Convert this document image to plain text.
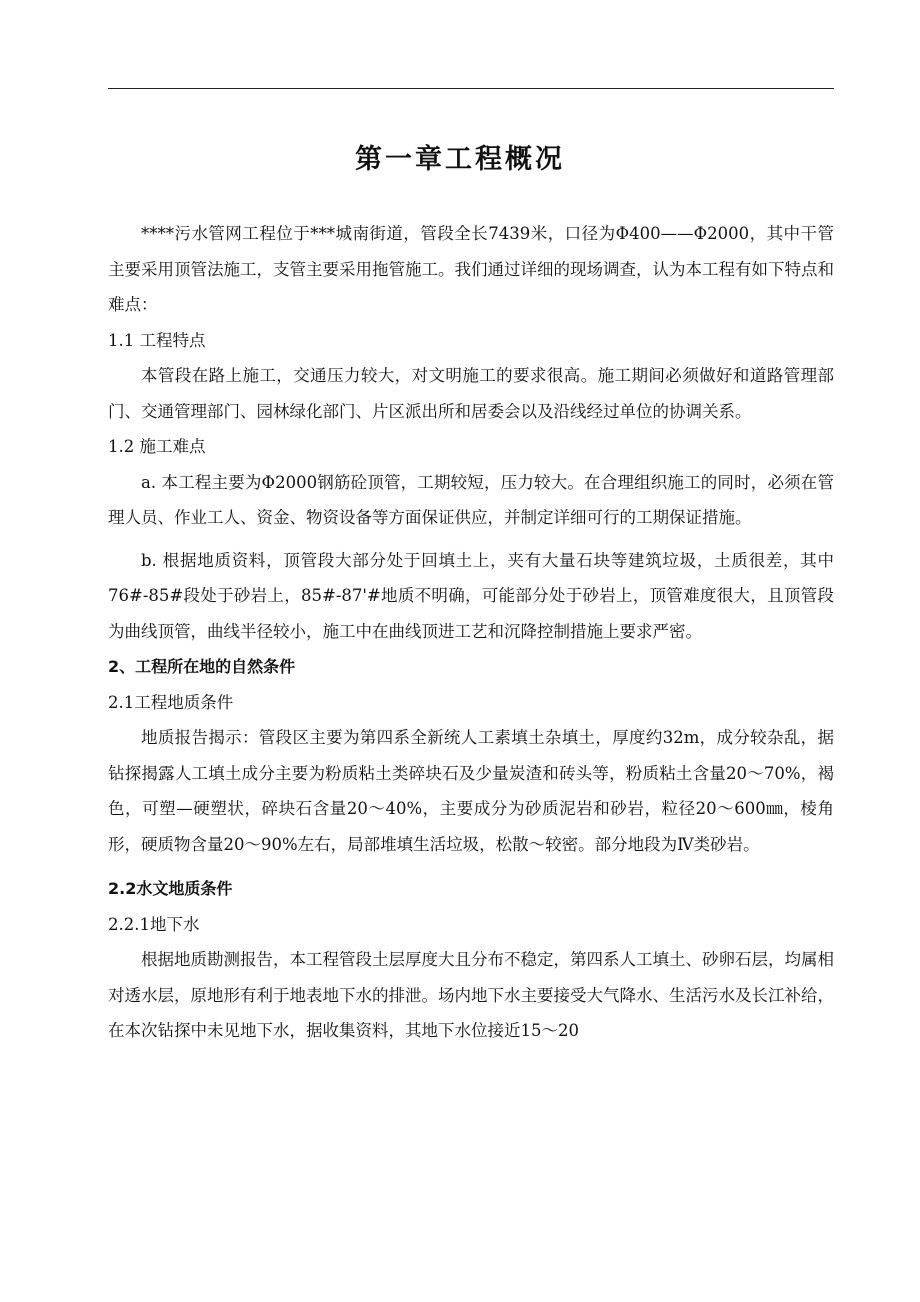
第一章工程概况

****污水管网工程位于***城南街道，管段全长7439米，口径为Φ400——Φ2000，其中干管主要采用顶管法施工，支管主要采用拖管施工。我们通过详细的现场调查，认为本工程有如下特点和难点：

1.1 工程特点

本管段在路上施工，交通压力较大，对文明施工的要求很高。施工期间必须做好和道路管理部门、交通管理部门、园林绿化部门、片区派出所和居委会以及沿线经过单位的协调关系。

1.2 施工难点

a. 本工程主要为Φ2000钢筋砼顶管，工期较短，压力较大。在合理组织施工的同时，必须在管理人员、作业工人、资金、物资设备等方面保证供应，并制定详细可行的工期保证措施。

b. 根据地质资料，顶管段大部分处于回填土上，夹有大量石块等建筑垃圾，土质很差，其中76#-85#段处于砂岩上，85#-87'#地质不明确，可能部分处于砂岩上，顶管难度很大，且顶管段为曲线顶管，曲线半径较小，施工中在曲线顶进工艺和沉降控制措施上要求严密。

2、工程所在地的自然条件

2.1工程地质条件

地质报告揭示：管段区主要为第四系全新统人工素填土杂填土，厚度约32m，成分较杂乱，据钻探揭露人工填土成分主要为粉质粘土类碎块石及少量炭渣和砖头等，粉质粘土含量20～70%，褐色，可塑—硬塑状，碎块石含量20～40%，主要成分为砂质泥岩和砂岩，粒径20～600㎜，棱角形，硬质物含量20～90%左右，局部堆填生活垃圾，松散～较密。部分地段为Ⅳ类砂岩。

2.2水文地质条件

2.2.1地下水

根据地质勘测报告，本工程管段土层厚度大且分布不稳定，第四系人工填土、砂卵石层，均属相对透水层，原地形有利于地表地下水的排泄。场内地下水主要接受大气降水、生活污水及长江补给，在本次钻探中未见地下水，据收集资料，其地下水位接近15～20
